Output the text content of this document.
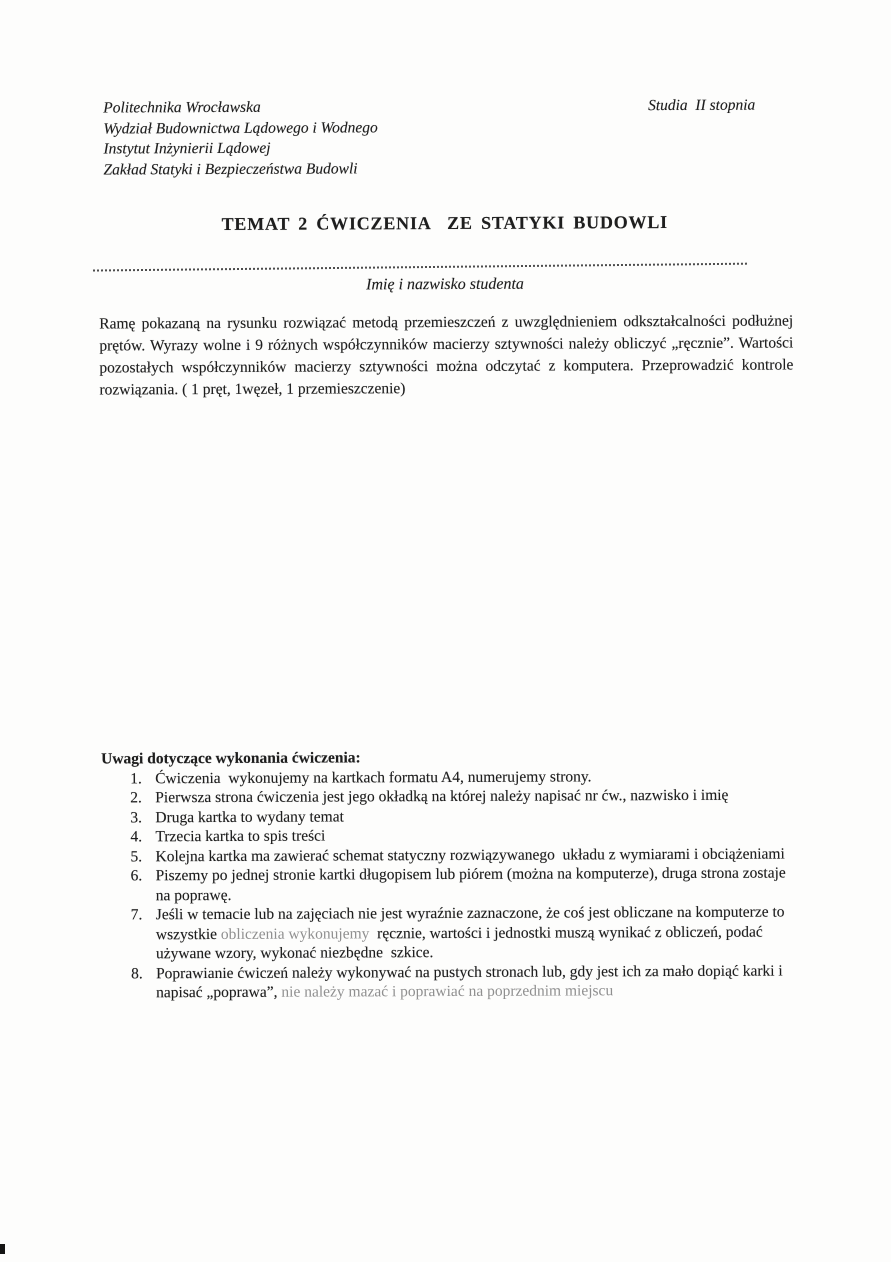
Politechnika Wrocławska
Wydział Budownictwa Lądowego i Wodnego
Instytut Inżynierii Lądowej
Zakład Statyki i Bezpieczeństwa Budowli
Studia  II stopnia
TEMAT 2 ĆWICZENIA  ZE STATYKI BUDOWLI
Imię i nazwisko studenta

Ramę pokazaną na rysunku rozwiązać metodą przemieszczeń z uwzględnieniem odkształcalności podłużnej prętów. Wyrazy wolne i 9 różnych współczynników macierzy sztywności należy obliczyć „ręcznie”. Wartości pozostałych współczynników macierzy sztywności można odczytać z komputera. Przeprowadzić kontrole rozwiązania. ( 1 pręt, 1węzeł, 1 przemieszczenie)

Uwagi dotyczące wykonania ćwiczenia:
1. Ćwiczenia  wykonujemy na kartkach formatu A4, numerujemy strony.
2. Pierwsza strona ćwiczenia jest jego okładką na której należy napisać nr ćw., nazwisko i imię
3. Druga kartka to wydany temat
4. Trzecia kartka to spis treści
5. Kolejna kartka ma zawierać schemat statyczny rozwiązywanego  układu z wymiarami i obciążeniami
6. Piszemy po jednej stronie kartki długopisem lub piórem (można na komputerze), druga strona zostaje na poprawę.
7. Jeśli w temacie lub na zajęciach nie jest wyraźnie zaznaczone, że coś jest obliczane na komputerze to wszystkie obliczenia wykonujemy  ręcznie, wartości i jednostki muszą wynikać z obliczeń, podać używane wzory, wykonać niezbędne  szkice.
8. Poprawianie ćwiczeń należy wykonywać na pustych stronach lub, gdy jest ich za mało dopiąć karki i napisać „poprawa”, nie należy mazać i poprawiać na poprzednim miejscu
